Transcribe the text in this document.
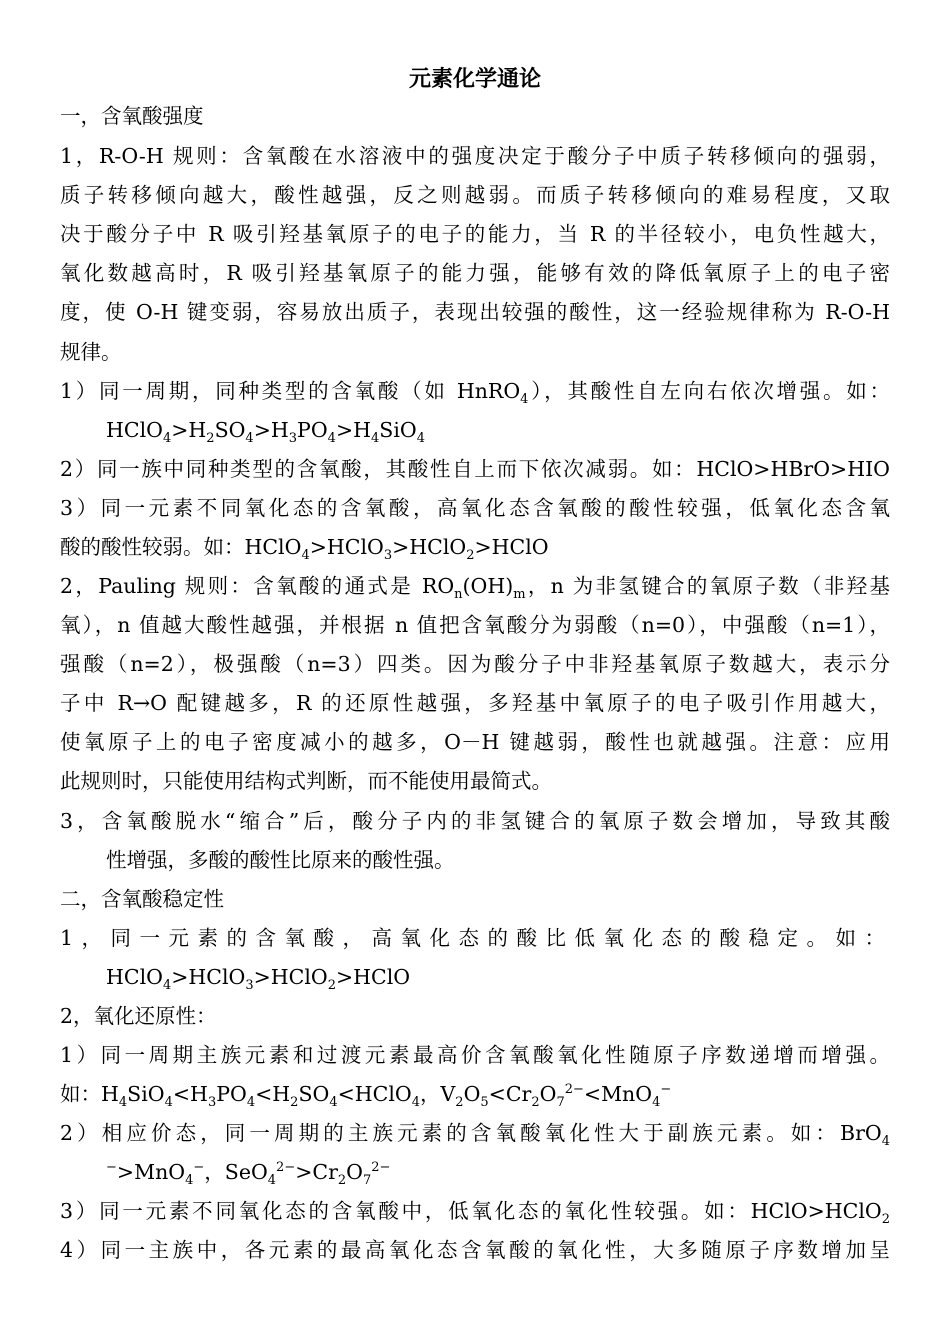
元素化学通论
一，含氧酸强度
1，R-O-H 规则：含氧酸在水溶液中的强度决定于酸分子中质子转移倾向的强弱，
质子转移倾向越大，酸性越强，反之则越弱。而质子转移倾向的难易程度，又取
决于酸分子中 R 吸引羟基氧原子的电子的能力，当 R 的半径较小，电负性越大，
氧化数越高时，R 吸引羟基氧原子的能力强，能够有效的降低氧原子上的电子密
度，使 O-H 键变弱，容易放出质子，表现出较强的酸性，这一经验规律称为 R-O-H
规律。
1）同一周期，同种类型的含氧酸（如 HnRO$_4$），其酸性自左向右依次增强。如：
$HClO_4>H_2SO_4>H_3PO_4>H_4SiO_4$
2）同一族中同种类型的含氧酸，其酸性自上而下依次减弱。如：HClO>HBrO>HIO
3）同一元素不同氧化态的含氧酸，高氧化态含氧酸的酸性较强，低氧化态含氧
酸的酸性较弱。如：HClO$_4$>HClO$_3$>HClO$_2$>HClO
2，Pauling 规则：含氧酸的通式是 $RO_n(OH)_m$，n 为非氢键合的氧原子数（非羟基
氧），n 值越大酸性越强，并根据 n 值把含氧酸分为弱酸（n=0），中强酸（n=1），
强酸（n=2），极强酸（n=3）四类。因为酸分子中非羟基氧原子数越大，表示分
子中 R→O 配键越多，R 的还原性越强，多羟基中氧原子的电子吸引作用越大，
使氧原子上的电子密度减小的越多，O－H 键越弱，酸性也就越强。注意：应用
此规则时，只能使用结构式判断，而不能使用最简式。
3，含氧酸脱水“缩合”后，酸分子内的非氢键合的氧原子数会增加，导致其酸
性增强，多酸的酸性比原来的酸性强。
二，含氧酸稳定性
1，同一元素的含氧酸，高氧化态的酸比低氧化态的酸稳定。如：
HClO$_4$>HClO$_3$>HClO$_2$>HClO
2，氧化还原性：
1）同一周期主族元素和过渡元素最高价含氧酸氧化性随原子序数递增而增强。
如：$H_4SiO_4<H_3PO_4<H_2SO_4<HClO_4$，$V_2O_5<Cr_2O_7^{2-}<MnO_4^-$
2）相应价态，同一周期的主族元素的含氧酸氧化性大于副族元素。如：BrO$_4$
−>MnO$_4$−，$SeO_4^{2-}>Cr_2O_7^{2-}$
3）同一元素不同氧化态的含氧酸中，低氧化态的氧化性较强。如：HClO>HClO$_2$
4）同一主族中，各元素的最高氧化态含氧酸的氧化性，大多随原子序数增加呈
